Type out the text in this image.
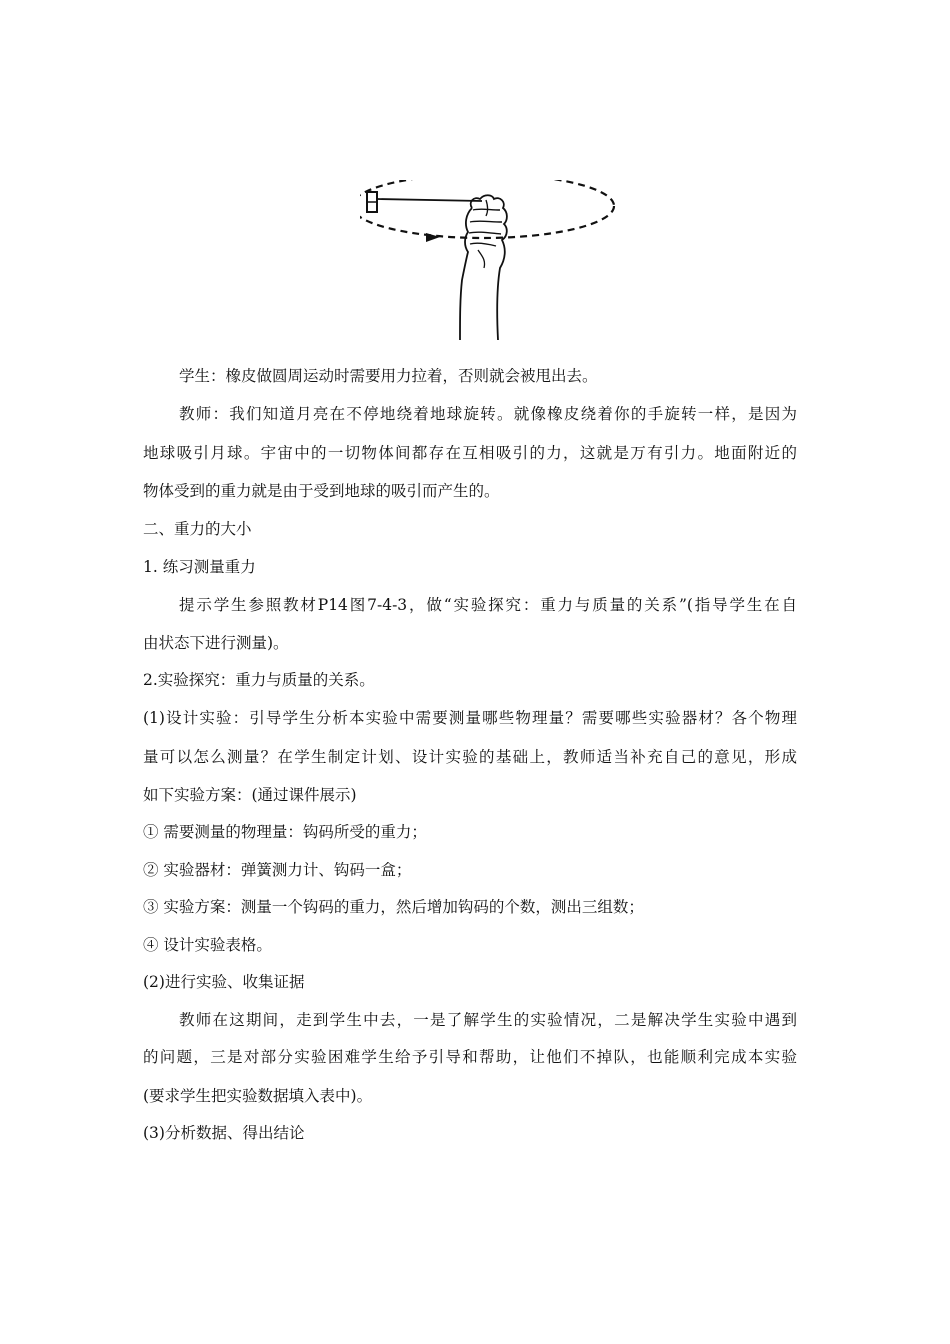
学生：橡皮做圆周运动时需要用力拉着，否则就会被甩出去。
教师：我们知道月亮在不停地绕着地球旋转。就像橡皮绕着你的手旋转一样，是因为
地球吸引月球。宇宙中的一切物体间都存在互相吸引的力，这就是万有引力。地面附近的
物体受到的重力就是由于受到地球的吸引而产生的。
二、重力的大小
1. 练习测量重力
提示学生参照教材P14图7-4-3，做“实验探究：重力与质量的关系”(指导学生在自
由状态下进行测量)。
2.实验探究：重力与质量的关系。
(1)设计实验：引导学生分析本实验中需要测量哪些物理量？需要哪些实验器材？各个物理
量可以怎么测量？在学生制定计划、设计实验的基础上，教师适当补充自己的意见，形成
如下实验方案：(通过课件展示)
① 需要测量的物理量：钩码所受的重力；
② 实验器材：弹簧测力计、钩码一盒；
③ 实验方案：测量一个钩码的重力，然后增加钩码的个数，测出三组数；
④ 设计实验表格。
(2)进行实验、收集证据
教师在这期间，走到学生中去，一是了解学生的实验情况，二是解决学生实验中遇到
的问题，三是对部分实验困难学生给予引导和帮助，让他们不掉队，也能顺利完成本实验
(要求学生把实验数据填入表中)。
(3)分析数据、得出结论
